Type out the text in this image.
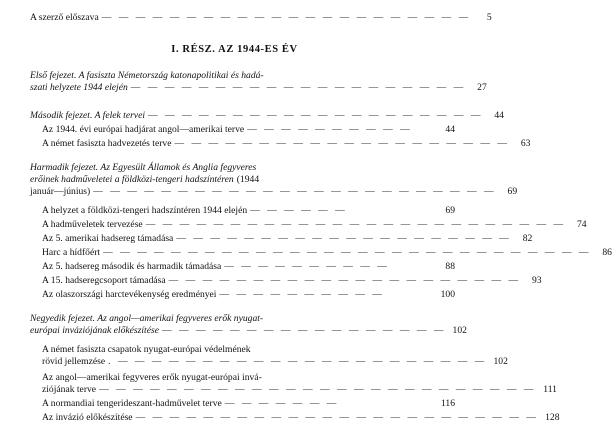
A szerző előszava — — — — — — — — — — — — — — — — — — — — — —	5
I. RÉSZ. AZ 1944-ES ÉV
Első fejezet. A fasiszta Németország katonapolitikai és hadá-
szati helyzete 1944 elején — — — — — — — — — — — — — — — — — — — —	27
Második fejezet. A felek tervei — — — — — — — — — — — — — — — — — — — —	44
Az 1944. évi európai hadjárat angol—amerikai terve — — — — — — — — — —	44
A német fasiszta hadvezetés terve — — — — — — — — — — — — — — — — — — — —	63
Harmadik fejezet. Az Egyesült Államok és Anglia fegyveres
erőinek hadműveletei a földközi-tengeri hadszíntéren (1944
január—június) — — — — — — — — — — — — — — — — — — — — — — — —	69
A helyzet a földközi-tengeri hadszíntéren 1944 elején — — — — — —	69
A hadműveletek tervezése — — — — — — — — — — — — — — — — — — — — — — — — —	74
Az 5. amerikai hadsereg támadása — — — — — — — — — — — — — — — — — — — —	82
Harc a hídfőért — — — — — — — — — — — — — — — — — — — — — — — — — — — — —	86
Az 5. hadsereg második és harmadik támadása — — — — — — — — — —	88
A 15. hadseregcsoport támadása — — — — — — — — — — — — — — — — — — — — —	93
Az olaszországi harctevékenység eredményei — — — — — — — — — —	100
Negyedik fejezet. Az angol—amerikai fegyveres erők nyugat-
európai inváziójának előkészítése — — — — — — — — — — — — — — — — — 102
A német fasiszta csapatok nyugat-európai védelmének
rövid jellemzése . — — — — — — — — — — — — — — — — — — — — — — 102
Az angol—amerikai fegyveres erők nyugat-európai invá-
ziójának terve — — — — — — — — — — — — — — — — — — — — — — — — — — 111
A normandiai tengerideszant-hadművelet terve — — — — — — —	116
Az invázió előkészítése — — — — — — — — — — — — — — — — — — — — — — — — 128
